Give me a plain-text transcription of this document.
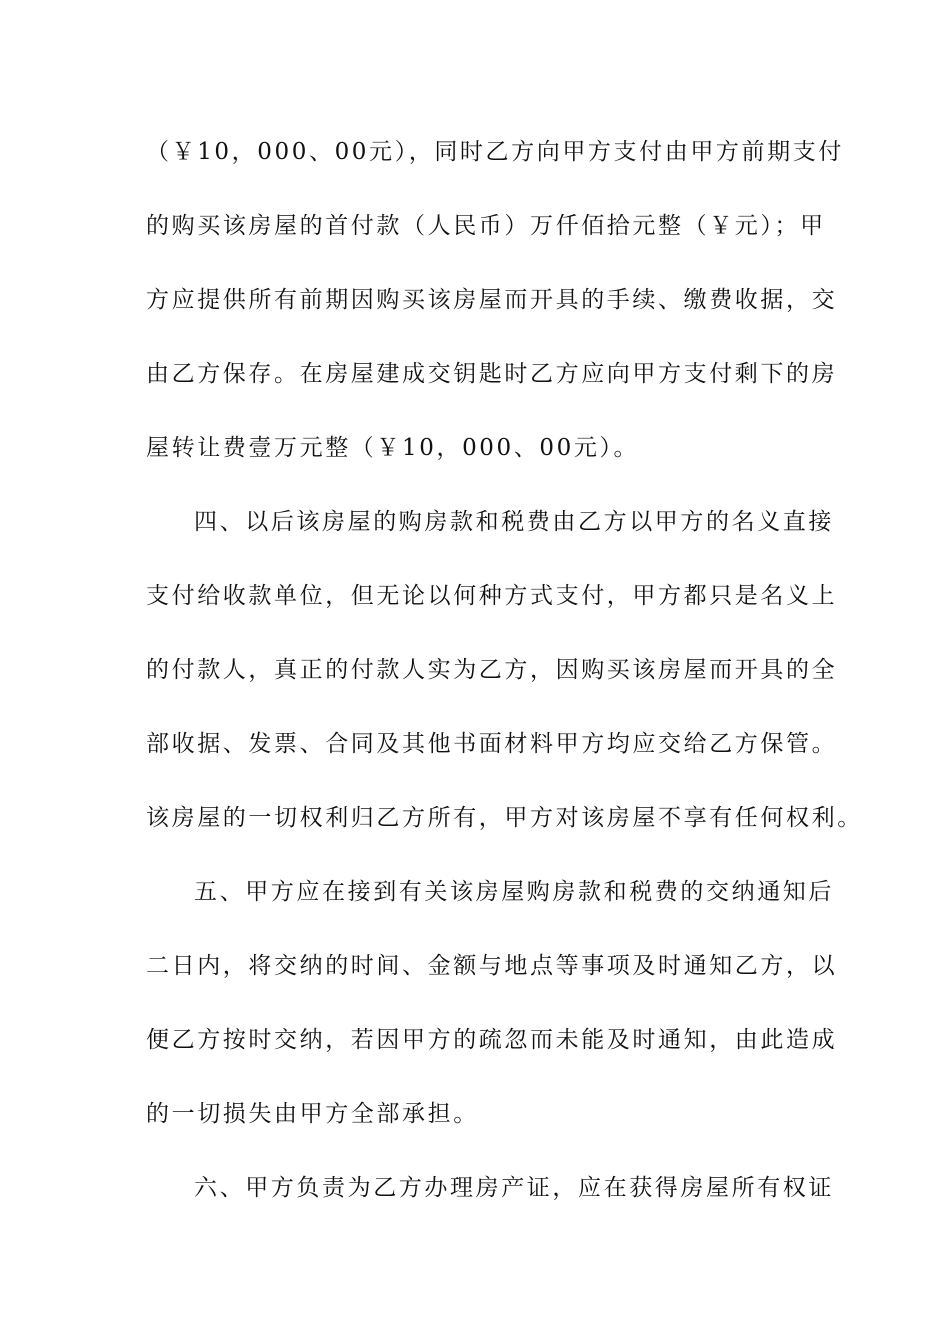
（￥10，000、00元），同时乙方向甲方支付由甲方前期支付
的购买该房屋的首付款（人民币）万仟佰拾元整（￥元）；甲
方应提供所有前期因购买该房屋而开具的手续、缴费收据，交
由乙方保存。在房屋建成交钥匙时乙方应向甲方支付剩下的房
屋转让费壹万元整（￥10，000、00元）。
四、以后该房屋的购房款和税费由乙方以甲方的名义直接
支付给收款单位，但无论以何种方式支付，甲方都只是名义上
的付款人，真正的付款人实为乙方，因购买该房屋而开具的全
部收据、发票、合同及其他书面材料甲方均应交给乙方保管。
该房屋的一切权利归乙方所有，甲方对该房屋不享有任何权利。
五、甲方应在接到有关该房屋购房款和税费的交纳通知后
二日内，将交纳的时间、金额与地点等事项及时通知乙方，以
便乙方按时交纳，若因甲方的疏忽而未能及时通知，由此造成
的一切损失由甲方全部承担。
六、甲方负责为乙方办理房产证，应在获得房屋所有权证
